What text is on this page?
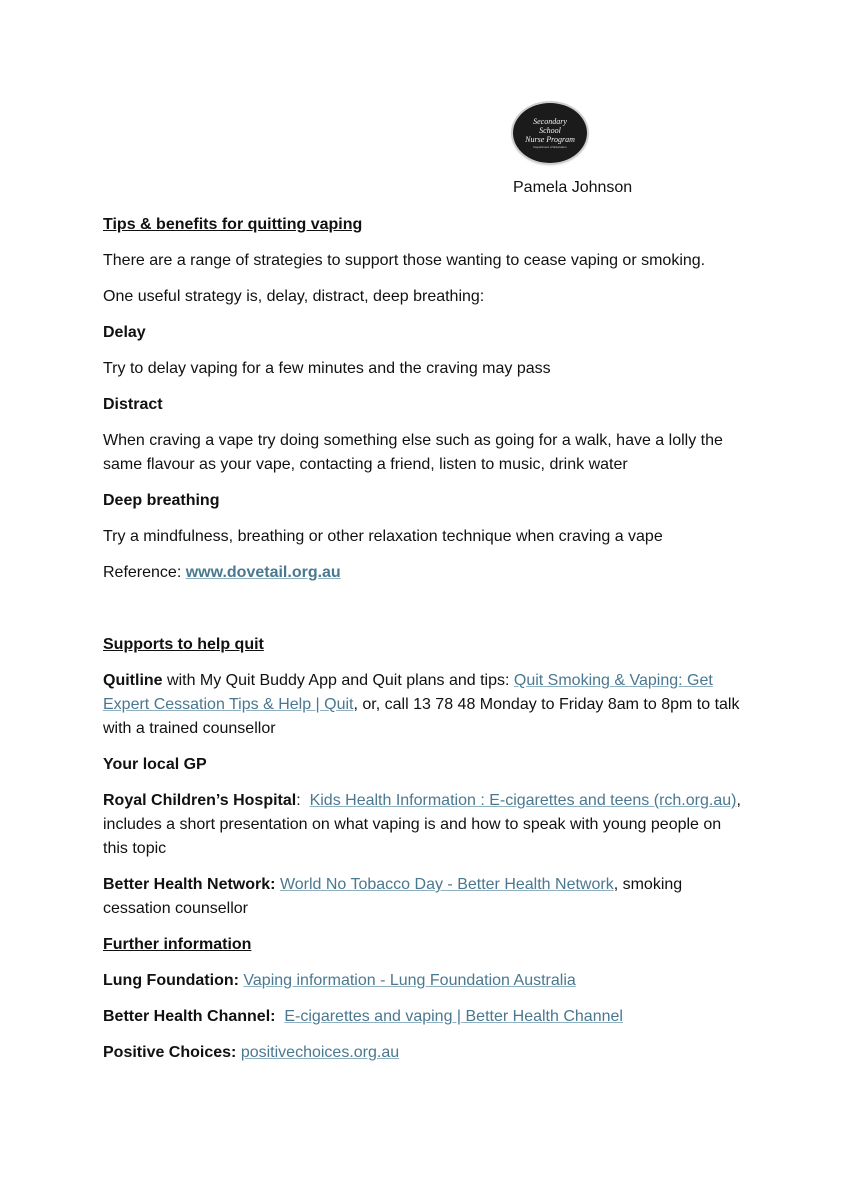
Secondary
School
Nurse Program
Department of Education
Pamela Johnson

Tips & benefits for quitting vaping

There are a range of strategies to support those wanting to cease vaping or smoking.

One useful strategy is, delay, distract, deep breathing:

Delay

Try to delay vaping for a few minutes and the craving may pass

Distract

When craving a vape try doing something else such as going for a walk, have a lolly the same flavour as your vape, contacting a friend, listen to music, drink water

Deep breathing

Try a mindfulness, breathing or other relaxation technique when craving a vape

Reference: www.dovetail.org.au

Supports to help quit

Quitline with My Quit Buddy App and Quit plans and tips: Quit Smoking & Vaping: Get Expert Cessation Tips & Help | Quit, or, call 13 78 48 Monday to Friday 8am to 8pm to talk with a trained counsellor

Your local GP

Royal Children’s Hospital:  Kids Health Information : E-cigarettes and teens (rch.org.au), includes a short presentation on what vaping is and how to speak with young people on this topic

Better Health Network: World No Tobacco Day - Better Health Network, smoking cessation counsellor

Further information

Lung Foundation: Vaping information - Lung Foundation Australia

Better Health Channel: E-cigarettes and vaping | Better Health Channel

Positive Choices: positivechoices.org.au
